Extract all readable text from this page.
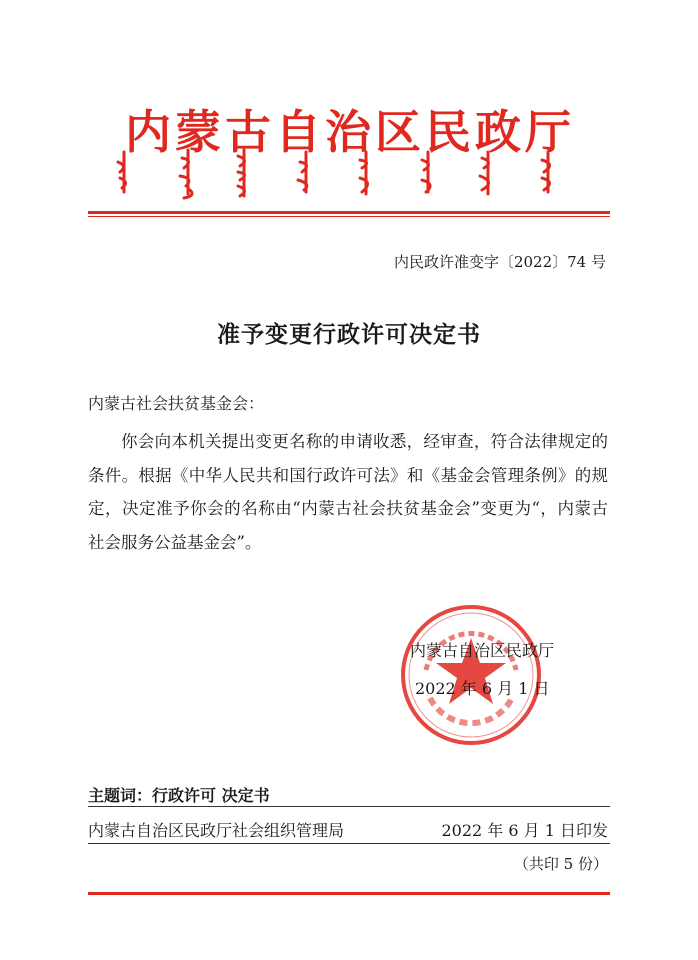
内蒙古自治区民政厅
内民政许准变字〔2022〕74 号
准予变更行政许可决定书
内蒙古社会扶贫基金会：

你会向本机关提出变更名称的申请收悉，经审查，符合法律规定的条件。根据《中华人民共和国行政许可法》和《基金会管理条例》的规定，决定准予你会的名称由“内蒙古社会扶贫基金会”变更为“，内蒙古社会服务公益基金会”。

内蒙古自治区民政厅
2022 年 6 月 1 日
主题词：行政许可 决定书
内蒙古自治区民政厅社会组织管理局	2022 年 6 月 1 日印发
（共印 5 份）
